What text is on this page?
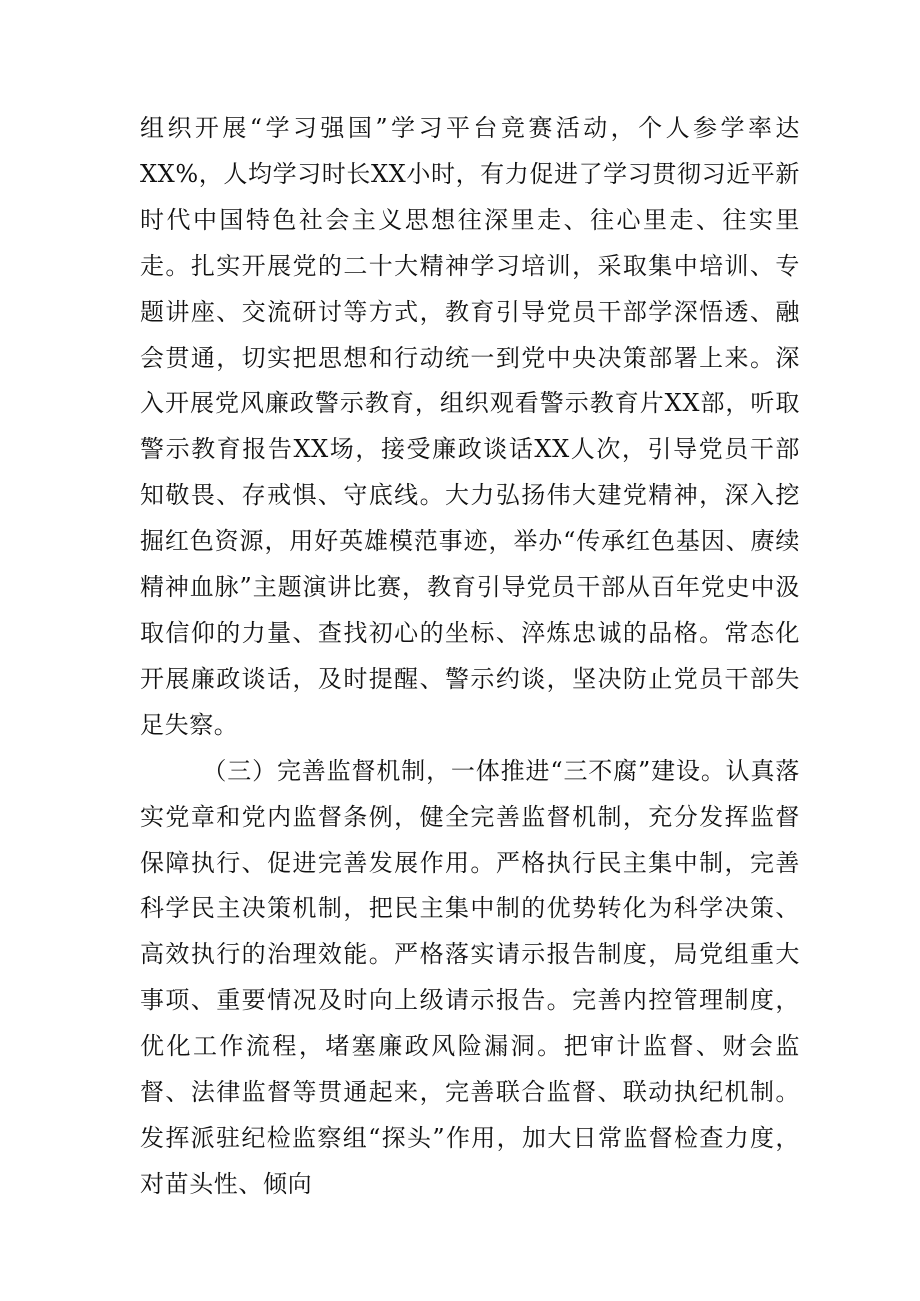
组织开展“学习强国”学习平台竞赛活动，个人参学率达XX%，人均学习时长XX小时，有力促进了学习贯彻习近平新时代中国特色社会主义思想往深里走、往心里走、往实里走。扎实开展党的二十大精神学习培训，采取集中培训、专题讲座、交流研讨等方式，教育引导党员干部学深悟透、融会贯通，切实把思想和行动统一到党中央决策部署上来。深入开展党风廉政警示教育，组织观看警示教育片XX部，听取警示教育报告XX场，接受廉政谈话XX人次，引导党员干部知敬畏、存戒惧、守底线。大力弘扬伟大建党精神，深入挖掘红色资源，用好英雄模范事迹，举办“传承红色基因、赓续精神血脉”主题演讲比赛，教育引导党员干部从百年党史中汲取信仰的力量、查找初心的坐标、淬炼忠诚的品格。常态化开展廉政谈话，及时提醒、警示约谈，坚决防止党员干部失足失察。

（三）完善监督机制，一体推进“三不腐”建设。认真落实党章和党内监督条例，健全完善监督机制，充分发挥监督保障执行、促进完善发展作用。严格执行民主集中制，完善科学民主决策机制，把民主集中制的优势转化为科学决策、高效执行的治理效能。严格落实请示报告制度，局党组重大事项、重要情况及时向上级请示报告。完善内控管理制度，优化工作流程，堵塞廉政风险漏洞。把审计监督、财会监督、法律监督等贯通起来，完善联合监督、联动执纪机制。发挥派驻纪检监察组“探头”作用，加大日常监督检查力度，对苗头性、倾向
